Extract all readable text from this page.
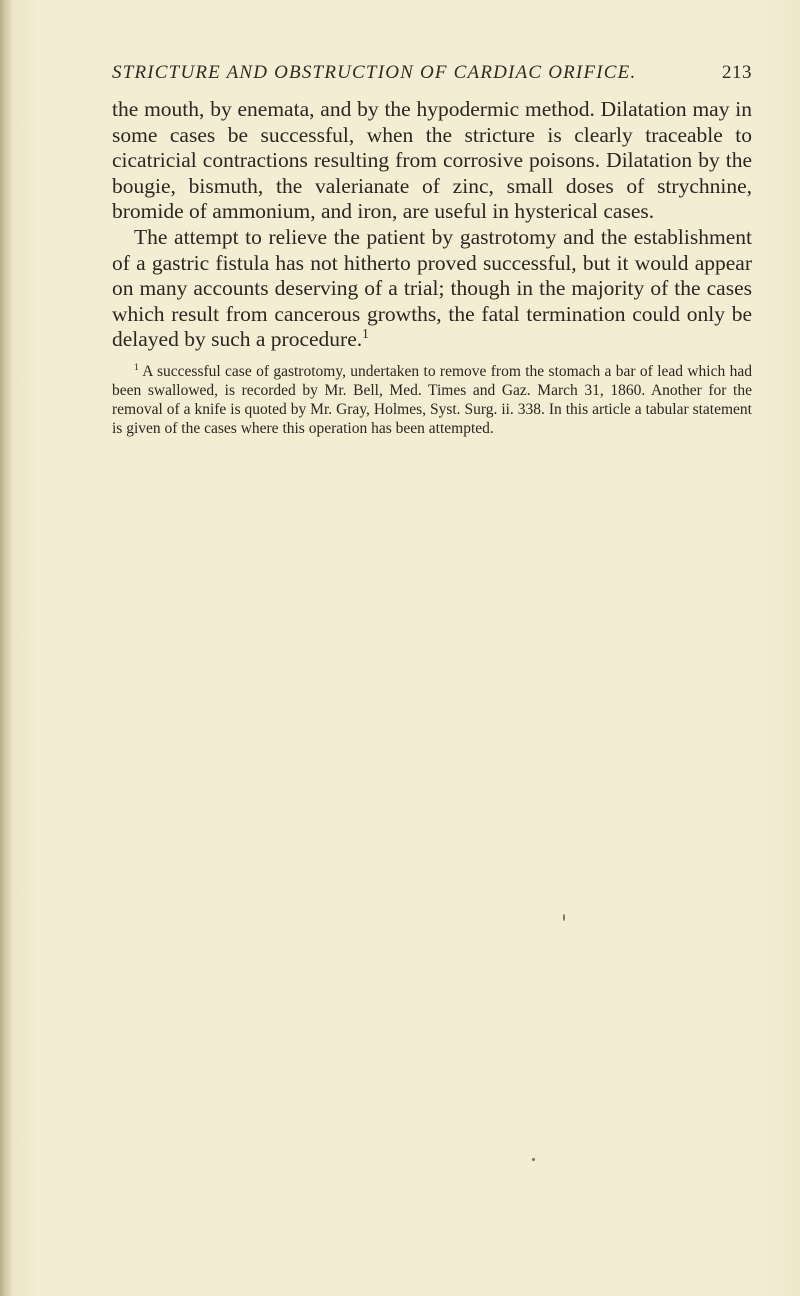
STRICTURE AND OBSTRUCTION OF CARDIAC ORIFICE.	213

the mouth, by enemata, and by the hypodermic method. Dilatation may in some cases be successful, when the stricture is clearly traceable to cicatricial contractions resulting from corrosive poisons. Dilatation by the bougie, bismuth, the valerianate of zinc, small doses of strychnine, bromide of ammonium, and iron, are useful in hysterical cases.

The attempt to relieve the patient by gastrotomy and the establishment of a gastric fistula has not hitherto proved successful, but it would appear on many accounts deserving of a trial; though in the majority of the cases which result from cancerous growths, the fatal termination could only be delayed by such a procedure.$^1$

$^1$ A successful case of gastrotomy, undertaken to remove from the stomach a bar of lead which had been swallowed, is recorded by Mr. Bell, Med. Times and Gaz. March 31, 1860. Another for the removal of a knife is quoted by Mr. Gray, Holmes, Syst. Surg. ii. 338. In this article a tabular statement is given of the cases where this operation has been attempted.
